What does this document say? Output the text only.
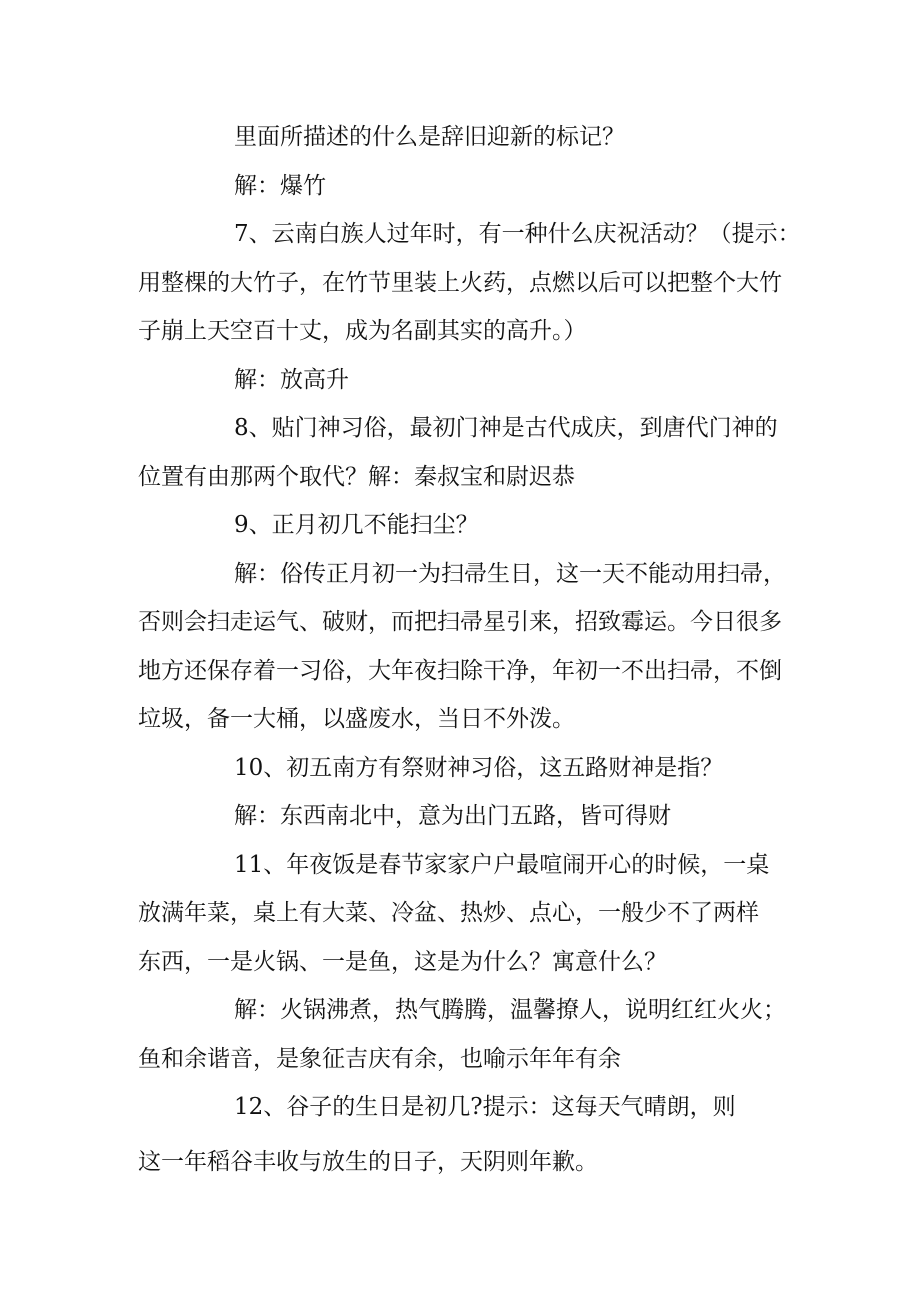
里面所描述的什么是辞旧迎新的标记？
解：爆竹
7、云南白族人过年时，有一种什么庆祝活动？（提示：
用整棵的大竹子，在竹节里装上火药，点燃以后可以把整个大竹
子崩上天空百十丈，成为名副其实的高升。）
解：放高升
8、贴门神习俗，最初门神是古代成庆，到唐代门神的
位置有由那两个取代？解：秦叔宝和尉迟恭
9、正月初几不能扫尘？
解：俗传正月初一为扫帚生日，这一天不能动用扫帚，
否则会扫走运气、破财，而把扫帚星引来，招致霉运。今日很多
地方还保存着一习俗，大年夜扫除干净，年初一不出扫帚，不倒
垃圾，备一大桶，以盛废水，当日不外泼。
10、初五南方有祭财神习俗，这五路财神是指？
解：东西南北中，意为出门五路，皆可得财
11、年夜饭是春节家家户户最喧闹开心的时候，一桌
放满年菜，桌上有大菜、冷盆、热炒、点心，一般少不了两样
东西，一是火锅、一是鱼，这是为什么？寓意什么？
解：火锅沸煮，热气腾腾，温馨撩人，说明红红火火；
鱼和余谐音，是象征吉庆有余，也喻示年年有余
12、谷子的生日是初几?提示：这每天气晴朗，则
这一年稻谷丰收与放生的日子，天阴则年歉。
